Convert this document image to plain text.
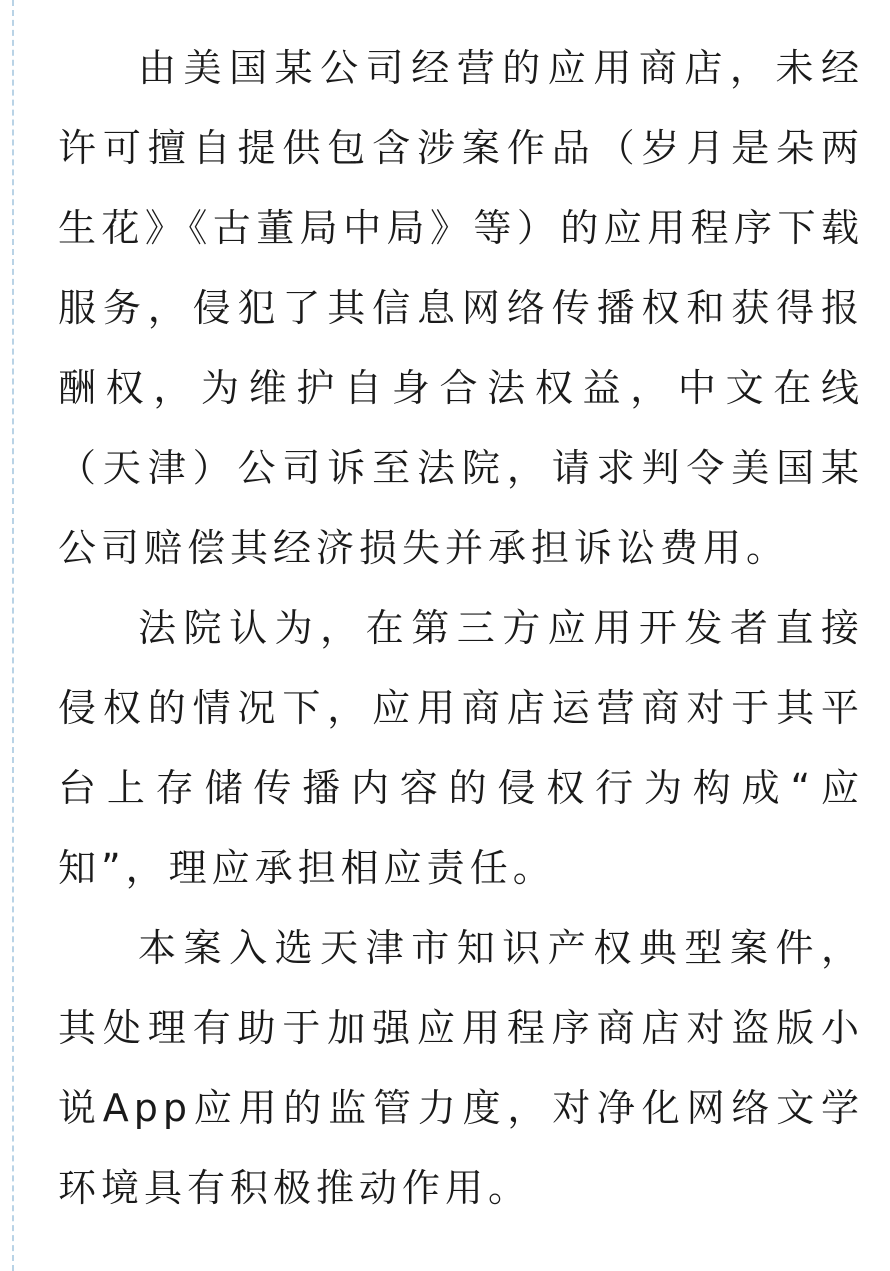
由美国某公司经营的应用商店，未经许可擅自提供包含涉案作品（岁月是朵两生花》《古董局中局》等）的应用程序下载服务，侵犯了其信息网络传播权和获得报酬权，为维护自身合法权益，中文在线（天津）公司诉至法院，请求判令美国某公司赔偿其经济损失并承担诉讼费用。

法院认为，在第三方应用开发者直接侵权的情况下，应用商店运营商对于其平台上存储传播内容的侵权行为构成“应知”，理应承担相应责任。

本案入选天津市知识产权典型案件，其处理有助于加强应用程序商店对盗版小说App应用的监管力度，对净化网络文学环境具有积极推动作用。
